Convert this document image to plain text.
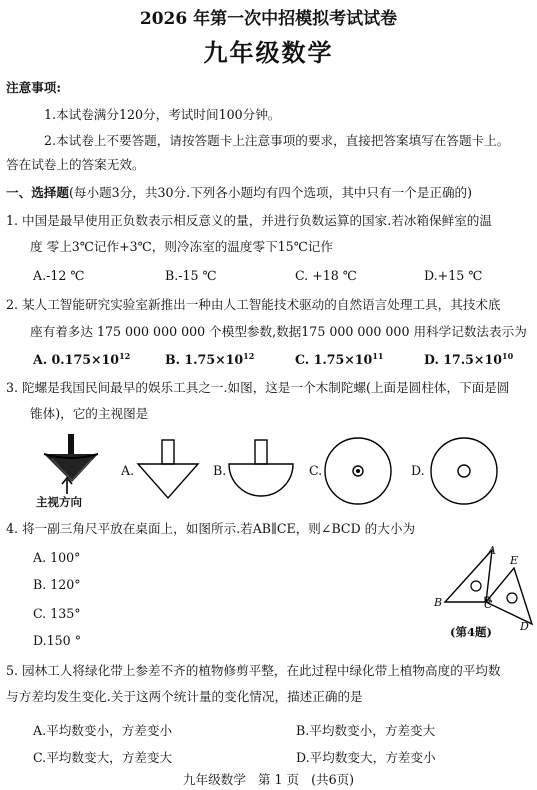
2026 年第一次中招模拟考试试卷
九年级数学
注意事项:
1.本试卷满分120分，考试时间100分钟。
2.本试卷上不要答题，请按答题卡上注意事项的要求，直接把答案填写在答题卡上。
答在试卷上的答案无效。
一、选择题(每小题3分，共30分.下列各小题均有四个选项，其中只有一个是正确的)
1. 中国是最早使用正负数表示相反意义的量，并进行负数运算的国家.若冰箱保鲜室的温
度 零上3℃记作+3℃，则冷冻室的温度零下15℃记作
A.-12 ℃	B.-15 ℃	C. +18 ℃	D.+15 ℃
2. 某人工智能研究实验室新推出一种由人工智能技术驱动的自然语言处理工具，其技术底
座有着多达 175 000 000 000 个模型参数,数据175 000 000 000 用科学记数法表示为
A. $0.175\times 10^{12}$	B. $1.75\times 10^{12}$	C. $1.75\times 10^{11}$	D. $17.5\times 10^{10}$
3. 陀螺是我国民间最早的娱乐工具之一.如图，这是一个木制陀螺(上面是圆柱体，下面是圆
锥体)，它的主视图是
主视方向
A.	B.	C.	D.
4. 将一副三角尺平放在桌面上，如图所示.若AB∥CE，则∠BCD 的大小为
A. 100°
B. 120°
C. 135°
D.150 °
A
B	C
D
E
(第4题)
5. 园林工人将绿化带上参差不齐的植物修剪平整，在此过程中绿化带上植物高度的平均数
与方差均发生变化.关于这两个统计量的变化情况，描述正确的是
A.平均数变小，方差变小	B.平均数变小，方差变大
C.平均数变大，方差变大	D.平均数变大，方差变小
九年级数学   第 1 页   (共6页)
